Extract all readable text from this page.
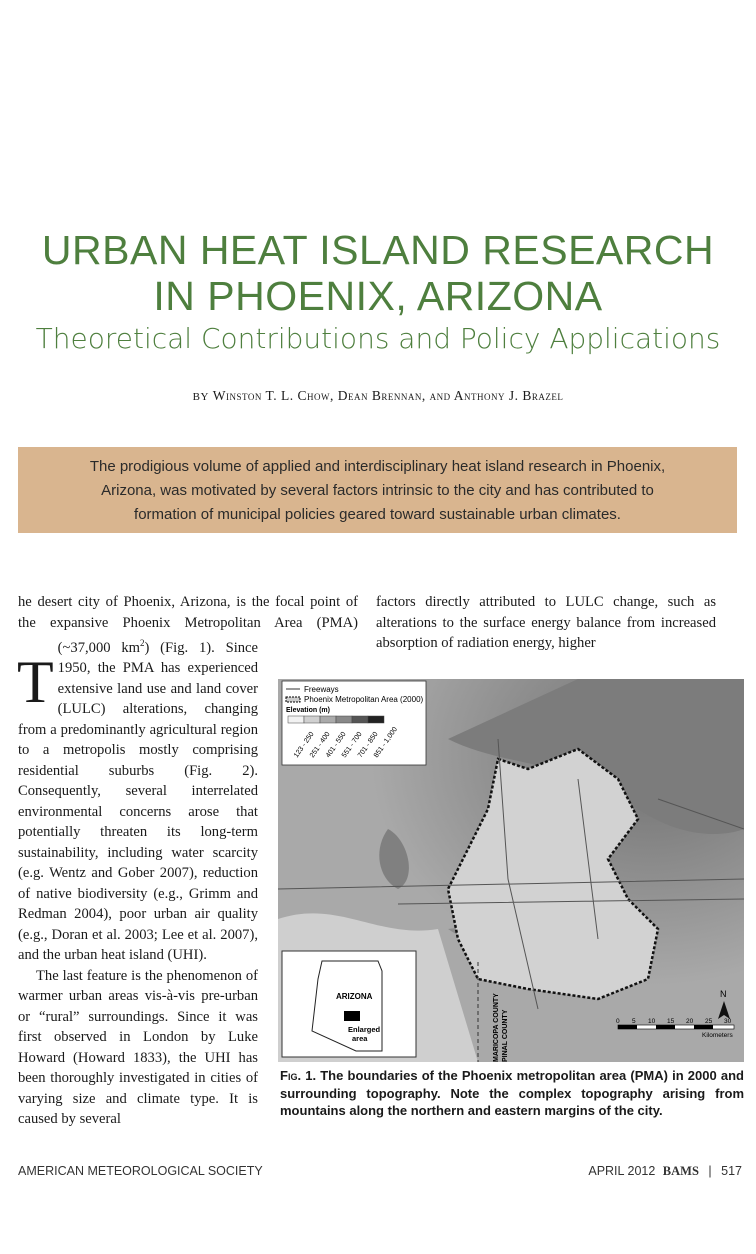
URBAN HEAT ISLAND RESEARCH
IN PHOENIX, ARIZONA
Theoretical Contributions and Policy Applications
BY Winston T. L. Chow, Dean Brennan, and Anthony J. Brazel
The prodigious volume of applied and interdisciplinary heat island research in Phoenix,
Arizona, was motivated by several factors intrinsic to the city and has contributed to
formation of municipal policies geared toward sustainable urban climates.

T
he desert city of Phoenix, Arizona, is the focal point of the expansive Phoenix Metropolitan Area (PMA) (~37,000 $km^2$) (Fig. 1). Since 1950, the PMA has experienced extensive land use and land cover (LULC) alterations, changing from a predominantly agricultural region to a metropolis mostly comprising residential suburbs (Fig. 2). Consequently, several interrelated environmental concerns arose that potentially threaten its long-term sustainability, including water scarcity (e.g. Wentz and Gober 2007), reduction of native biodiversity (e.g., Grimm and Redman 2004), poor urban air quality (e.g., Doran et al. 2003; Lee et al. 2007), and the urban heat island (UHI).

The last feature is the phenomenon of warmer urban areas vis-à-vis pre-urban or “rural” surroundings. Since it was first observed in London by Luke Howard (Howard 1833), the UHI has been thoroughly investigated in cities of varying size and climate type. It is caused by several

factors directly attributed to LULC change, such as alterations to the surface energy balance from increased absorption of radiation energy, higher
Freeways
Phoenix Metropolitan Area (2000)
Elevation (m)
123 - 250
251 - 400
401 - 550
551 - 700
701 - 850
851 - 1,000
ARIZONA
Enlarged
area	MARICOPA COUNTY PINAL COUNTY
N
0 5 10 15 20 25 30
Kilometers
Fig. 1. The boundaries of the Phoenix metropolitan area (PMA) in 2000 and surrounding topography. Note the complex topography arising from mountains along the northern and eastern margins of the city.
AMERICAN METEOROLOGICAL SOCIETY	APRIL 2012 BAMS | 517
